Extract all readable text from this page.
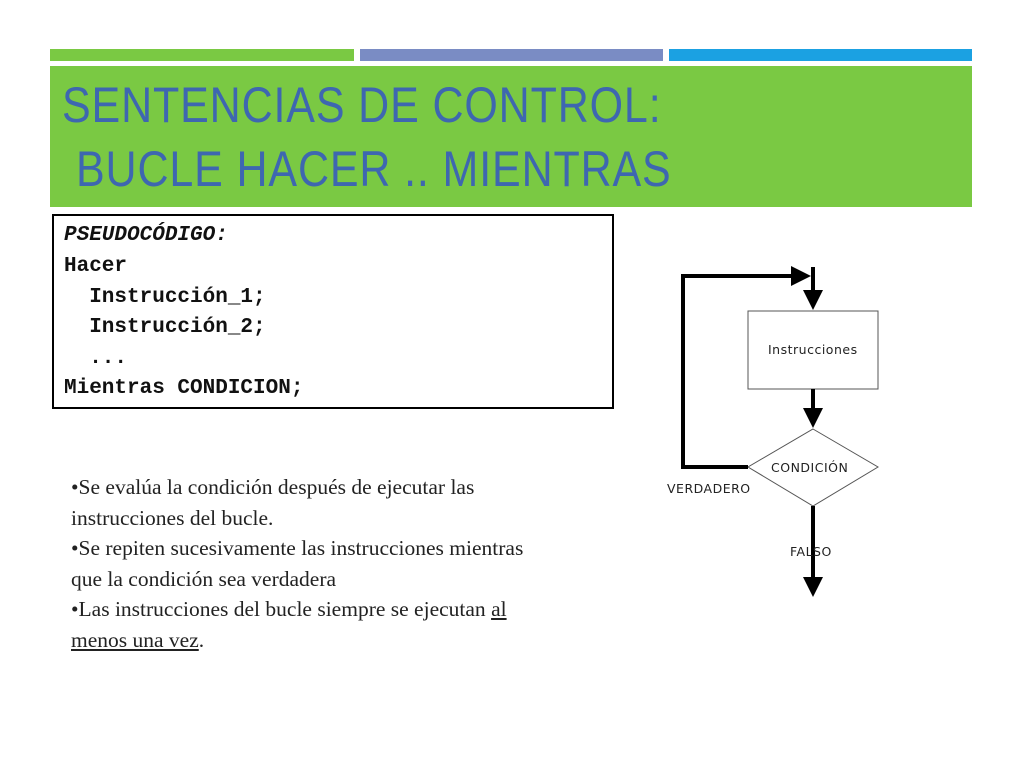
SENTENCIAS DE CONTROL:
BUCLE HACER .. MIENTRAS
PSEUDOCÓDIGO:
Hacer
Instrucción_1;
Instrucción_2;
...
Mientras CONDICION;
•Se evalúa la condición después de ejecutar las
instrucciones del bucle.
•Se repiten sucesivamente las instrucciones mientras
que la condición sea verdadera
•Las instrucciones del bucle siempre se ejecutan al
menos una vez.
Instrucciones
CONDICIÓN
VERDADERO
FALSO
